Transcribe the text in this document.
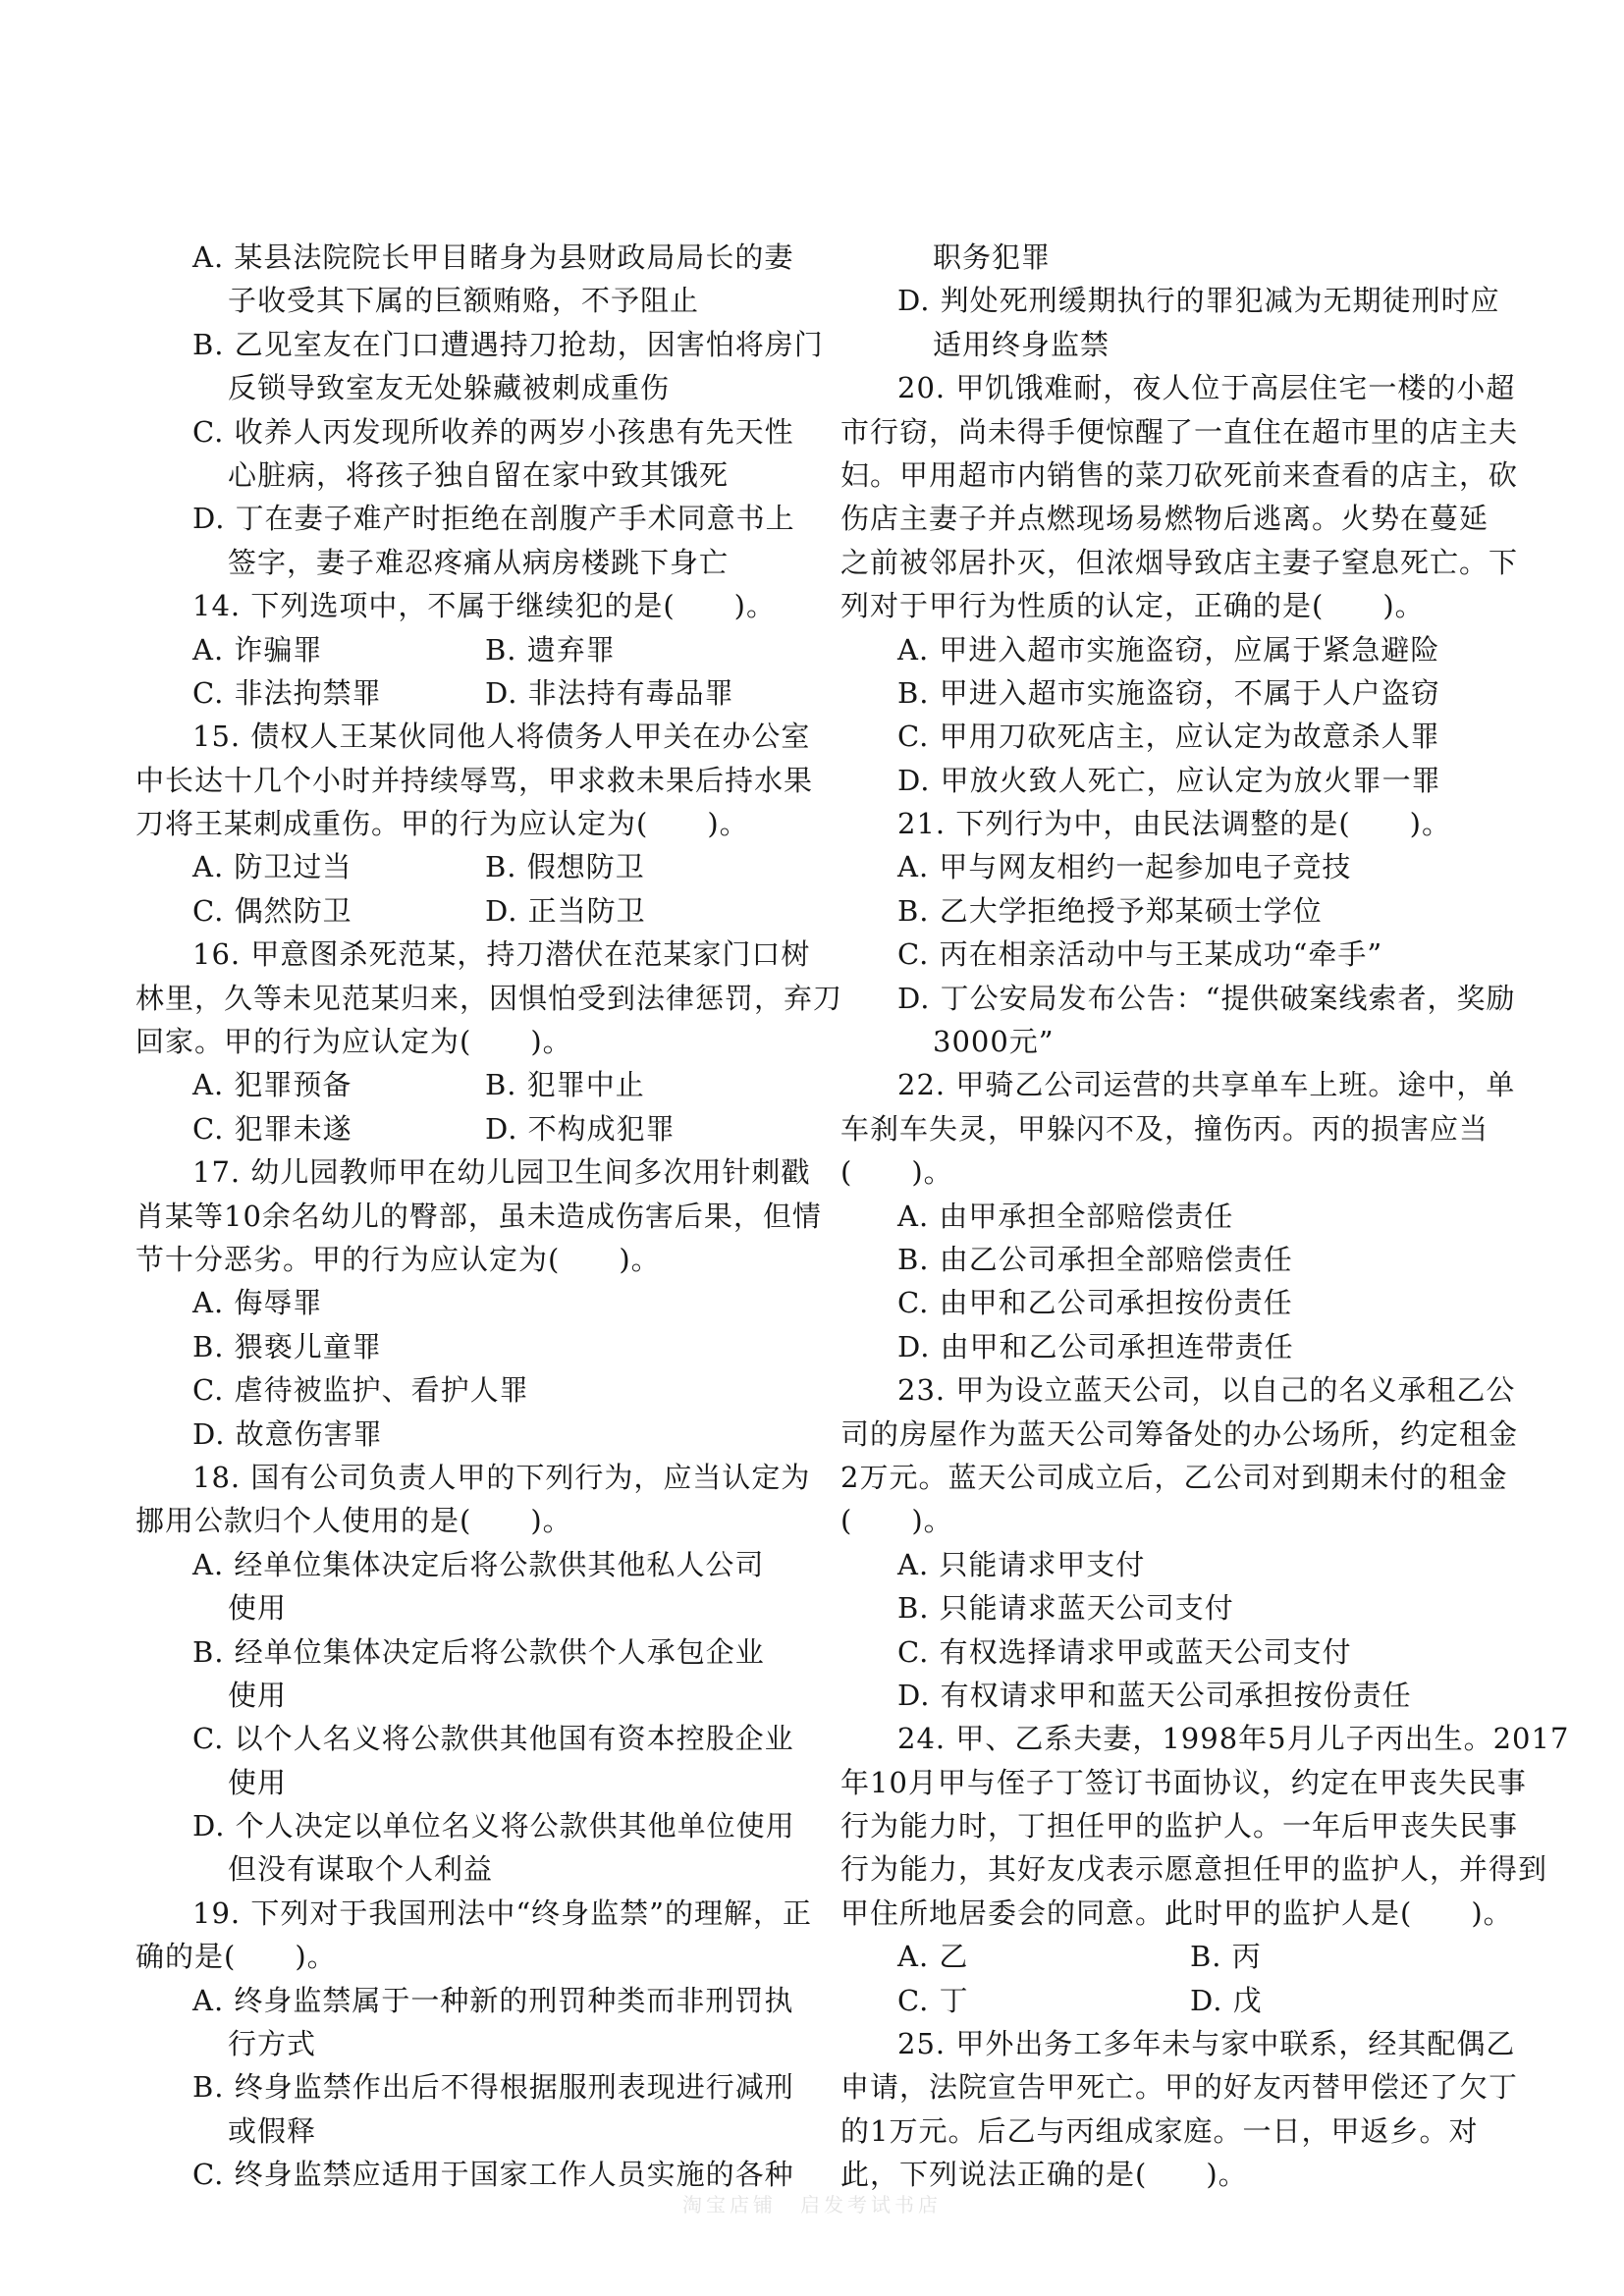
A. 某县法院院长甲目睹身为县财政局局长的妻
子收受其下属的巨额贿赂，不予阻止
B. 乙见室友在门口遭遇持刀抢劫，因害怕将房门
反锁导致室友无处躲藏被刺成重伤
C. 收养人丙发现所收养的两岁小孩患有先天性
心脏病，将孩子独自留在家中致其饿死
D. 丁在妻子难产时拒绝在剖腹产手术同意书上
签字，妻子难忍疼痛从病房楼跳下身亡
14. 下列选项中，不属于继续犯的是(　　)。
A. 诈骗罪	B. 遗弃罪
C. 非法拘禁罪	D. 非法持有毒品罪
15. 债权人王某伙同他人将债务人甲关在办公室
中长达十几个小时并持续辱骂，甲求救未果后持水果
刀将王某刺成重伤。甲的行为应认定为(　　)。
A. 防卫过当	B. 假想防卫
C. 偶然防卫	D. 正当防卫
16. 甲意图杀死范某，持刀潜伏在范某家门口树
林里，久等未见范某归来，因惧怕受到法律惩罚，弃刀
回家。甲的行为应认定为(　　)。
A. 犯罪预备	B. 犯罪中止
C. 犯罪未遂	D. 不构成犯罪
17. 幼儿园教师甲在幼儿园卫生间多次用针刺戳
肖某等10余名幼儿的臀部，虽未造成伤害后果，但情
节十分恶劣。甲的行为应认定为(　　)。
A. 侮辱罪
B. 猥亵儿童罪
C. 虐待被监护、看护人罪
D. 故意伤害罪
18. 国有公司负责人甲的下列行为，应当认定为
挪用公款归个人使用的是(　　)。
A. 经单位集体决定后将公款供其他私人公司
使用
B. 经单位集体决定后将公款供个人承包企业
使用
C. 以个人名义将公款供其他国有资本控股企业
使用
D. 个人决定以单位名义将公款供其他单位使用
但没有谋取个人利益
19. 下列对于我国刑法中“终身监禁”的理解，正
确的是(　　)。
A. 终身监禁属于一种新的刑罚种类而非刑罚执
行方式
B. 终身监禁作出后不得根据服刑表现进行减刑
或假释
C. 终身监禁应适用于国家工作人员实施的各种
职务犯罪
D. 判处死刑缓期执行的罪犯减为无期徒刑时应
适用终身监禁
20. 甲饥饿难耐，夜人位于高层住宅一楼的小超
市行窃，尚未得手便惊醒了一直住在超市里的店主夫
妇。甲用超市内销售的菜刀砍死前来查看的店主，砍
伤店主妻子并点燃现场易燃物后逃离。火势在蔓延
之前被邻居扑灭，但浓烟导致店主妻子窒息死亡。下
列对于甲行为性质的认定，正确的是(　　)。
A. 甲进入超市实施盗窃，应属于紧急避险
B. 甲进入超市实施盗窃，不属于人户盗窃
C. 甲用刀砍死店主，应认定为故意杀人罪
D. 甲放火致人死亡，应认定为放火罪一罪
21. 下列行为中，由民法调整的是(　　)。
A. 甲与网友相约一起参加电子竞技
B. 乙大学拒绝授予郑某硕士学位
C. 丙在相亲活动中与王某成功“牵手”
D. 丁公安局发布公告：“提供破案线索者，奖励
3000元”
22. 甲骑乙公司运营的共享单车上班。途中，单
车刹车失灵，甲躲闪不及，撞伤丙。丙的损害应当
(　　)。
A. 由甲承担全部赔偿责任
B. 由乙公司承担全部赔偿责任
C. 由甲和乙公司承担按份责任
D. 由甲和乙公司承担连带责任
23. 甲为设立蓝天公司，以自己的名义承租乙公
司的房屋作为蓝天公司筹备处的办公场所，约定租金
2万元。蓝天公司成立后，乙公司对到期未付的租金
(　　)。
A. 只能请求甲支付
B. 只能请求蓝天公司支付
C. 有权选择请求甲或蓝天公司支付
D. 有权请求甲和蓝天公司承担按份责任
24. 甲、乙系夫妻，1998年5月儿子丙出生。2017
年10月甲与侄子丁签订书面协议，约定在甲丧失民事
行为能力时，丁担任甲的监护人。一年后甲丧失民事
行为能力，其好友戊表示愿意担任甲的监护人，并得到
甲住所地居委会的同意。此时甲的监护人是(　　)。
A. 乙	B. 丙
C. 丁	D. 戊
25. 甲外出务工多年未与家中联系，经其配偶乙
申请，法院宣告甲死亡。甲的好友丙替甲偿还了欠丁
的1万元。后乙与丙组成家庭。一日，甲返乡。对
此，下列说法正确的是(　　)。
淘宝店铺　启发考试书店
